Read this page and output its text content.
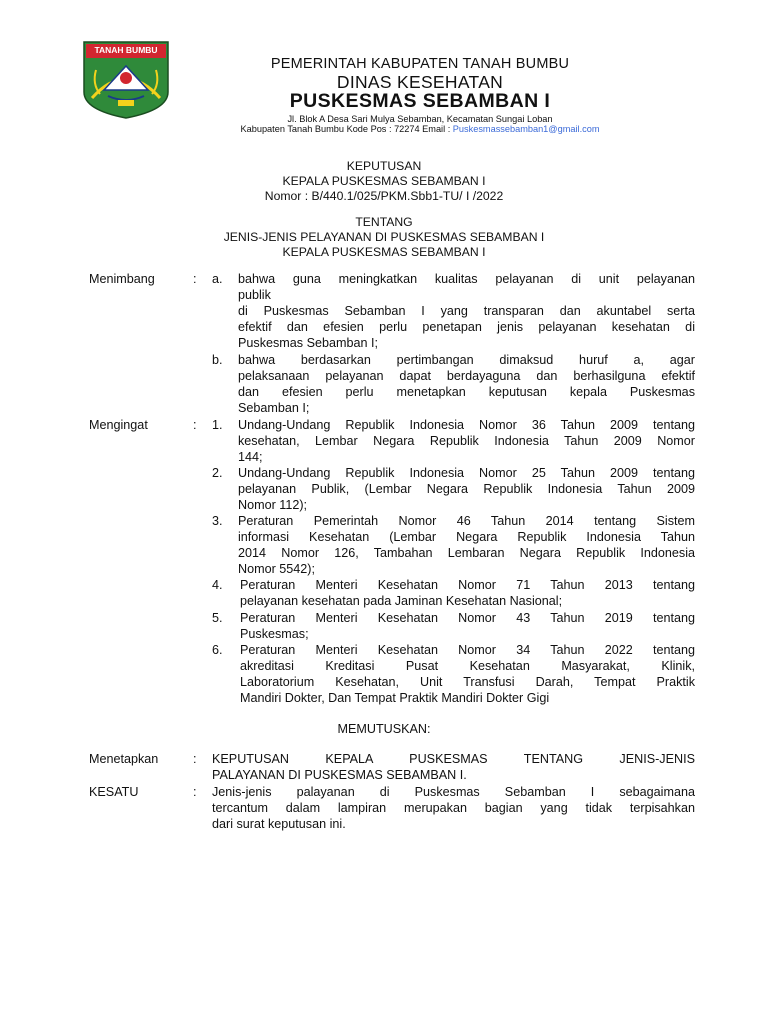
TANAH BUMBU
PEMERINTAH KABUPATEN TANAH BUMBU
DINAS KESEHATAN
PUSKESMAS SEBAMBAN I
Jl. Blok A Desa Sari Mulya Sebamban, Kecamatan Sungai Loban
Kabupaten Tanah Bumbu Kode Pos : 72274 Email : Puskesmassebamban1@gmail.com
KEPUTUSAN
KEPALA PUSKESMAS SEBAMBAN I
Nomor : B/440.1/025/PKM.Sbb1-TU/ I /2022
TENTANG
JENIS-JENIS PELAYANAN DI PUSKESMAS SEBAMBAN I
KEPALA PUSKESMAS SEBAMBAN I
Menimbang	: a. bahwa guna meningkatkan kualitas pelayanan di unit pelayanan
publik
di Puskesmas Sebamban I yang transparan dan akuntabel serta
efektif dan efesien perlu penetapan jenis pelayanan kesehatan di
Puskesmas Sebamban I;
b. bahwa berdasarkan pertimbangan dimaksud huruf a, agar
pelaksanaan pelayanan dapat berdayaguna dan berhasilguna efektif
dan efesien perlu menetapkan keputusan kepala Puskesmas
Sebamban I;
Mengingat	: 1. Undang-Undang Republik Indonesia Nomor 36 Tahun 2009 tentang
kesehatan, Lembar Negara Republik Indonesia Tahun 2009 Nomor
144;
2. Undang-Undang Republik Indonesia Nomor 25 Tahun 2009 tentang
pelayanan Publik, (Lembar Negara Republik Indonesia Tahun 2009
Nomor 112);
3. Peraturan Pemerintah Nomor 46 Tahun 2014 tentang Sistem
informasi Kesehatan (Lembar Negara Republik Indonesia Tahun
2014 Nomor 126, Tambahan Lembaran Negara Republik Indonesia
Nomor 5542);
4. Peraturan Menteri Kesehatan Nomor 71 Tahun 2013 tentang
pelayanan kesehatan pada Jaminan Kesehatan Nasional;
5. Peraturan Menteri Kesehatan Nomor 43 Tahun 2019 tentang
Puskesmas;
6. Peraturan Menteri Kesehatan Nomor 34 Tahun 2022 tentang
akreditasi Kreditasi Pusat Kesehatan Masyarakat, Klinik,
Laboratorium Kesehatan, Unit Transfusi Darah, Tempat Praktik
Mandiri Dokter, Dan Tempat Praktik Mandiri Dokter Gigi
MEMUTUSKAN:
Menetapkan	: KEPUTUSAN KEPALA PUSKESMAS TENTANG JENIS-JENIS
PALAYANAN DI PUSKESMAS SEBAMBAN I.
KESATU	: Jenis-jenis palayanan di Puskesmas Sebamban I sebagaimana
tercantum dalam lampiran merupakan bagian yang tidak terpisahkan
dari surat keputusan ini.
